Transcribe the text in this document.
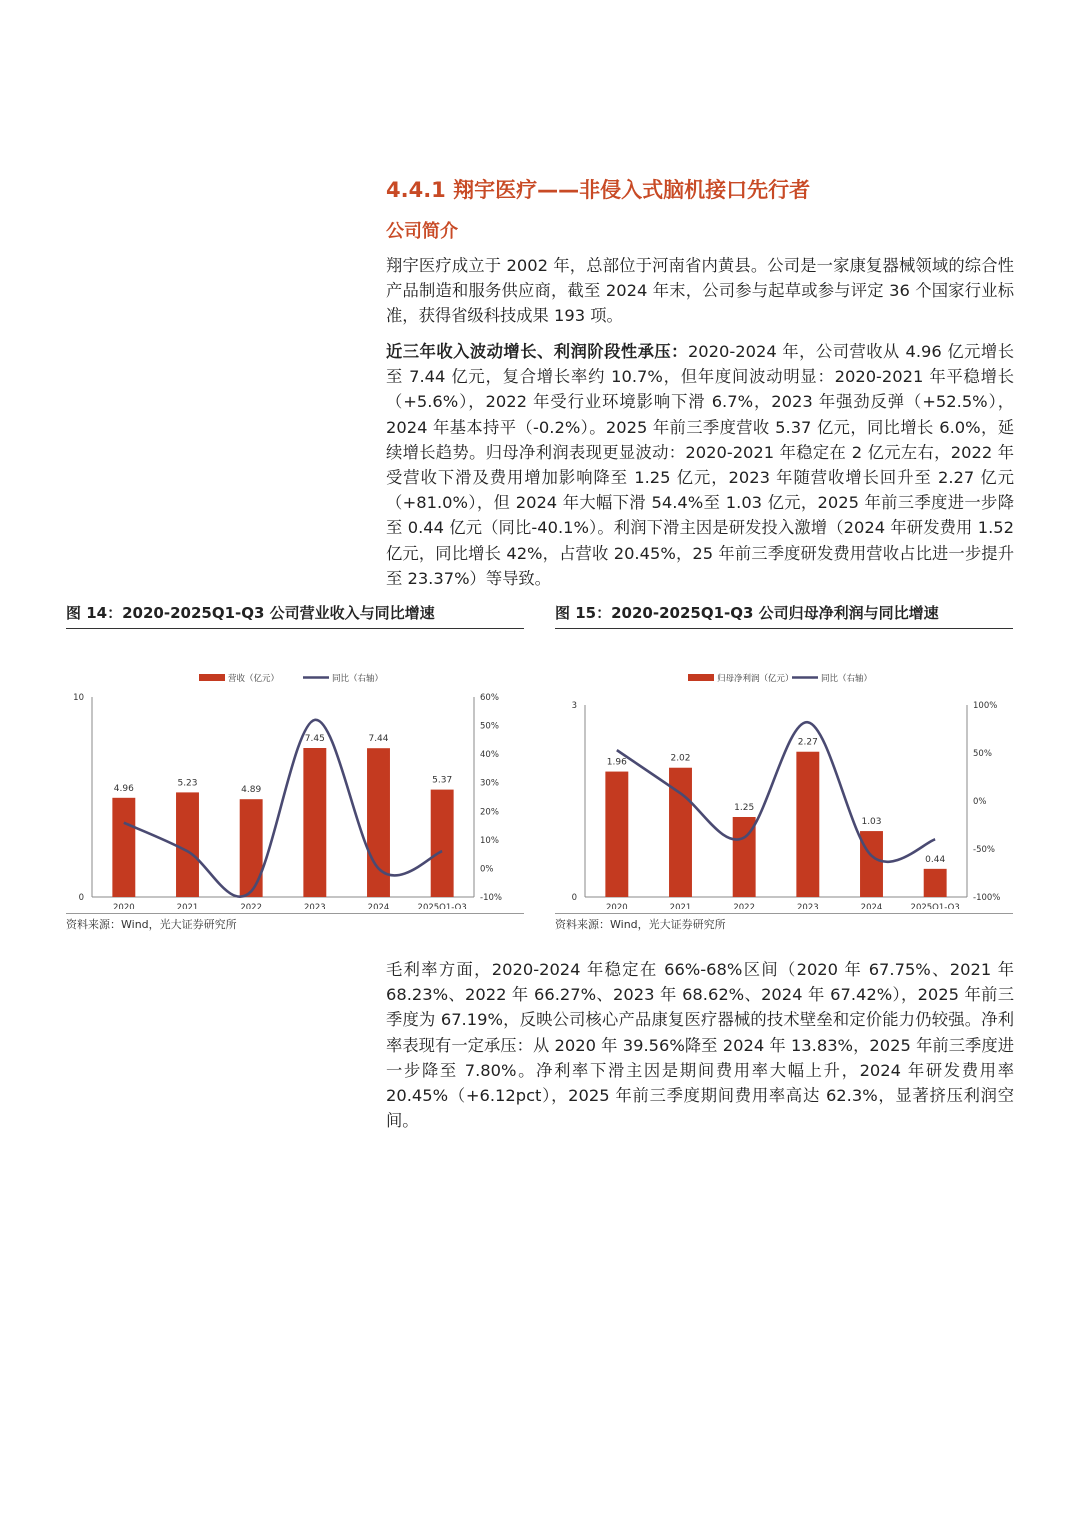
4.4.1 翔宇医疗——非侵入式脑机接口先行者
公司简介

翔宇医疗成立于 2002 年，总部位于河南省内黄县。公司是一家康复器械领域的综合性产品制造和服务供应商，截至 2024 年末，公司参与起草或参与评定 36 个国家行业标准，获得省级科技成果 193 项。

近三年收入波动增长、利润阶段性承压：2020-2024 年，公司营收从 4.96 亿元增长至 7.44 亿元，复合增长率约 10.7%，但年度间波动明显：2020-2021 年平稳增长（+5.6%），2022 年受行业环境影响下滑 6.7%，2023 年强劲反弹（+52.5%），2024 年基本持平（-0.2%）。2025 年前三季度营收 5.37 亿元，同比增长 6.0%，延续增长趋势。归母净利润表现更显波动：2020-2021 年稳定在 2 亿元左右，2022 年受营收下滑及费用增加影响降至 1.25 亿元，2023 年随营收增长回升至 2.27 亿元（+81.0%），但 2024 年大幅下滑 54.4%至 1.03 亿元，2025 年前三季度进一步降至 0.44 亿元（同比-40.1%）。利润下滑主因是研发投入激增（2024 年研发费用 1.52 亿元，同比增长 42%，占营收 20.45%，25 年前三季度研发费用营收占比进一步提升至 23.37%）等导致。

图 14：2020-2025Q1-Q3 公司营业收入与同比增速
营收（亿元）	同比（右轴）
0
10
-10%
0%
10%
20%
30%
40%
50%
60%
4.96
2020
5.23
2021
4.89
2022
7.45
2023
7.44
2024
5.37
2025Q1-Q3
资料来源：Wind，光大证券研究所
图 15：2020-2025Q1-Q3 公司归母净利润与同比增速
归母净利润（亿元）	同比（右轴）
0
3
-100%
-50%
0%
50%
100%
1.96
2020
2.02
2021
1.25
2022
2.27
2023
1.03
2024
0.44
2025Q1-Q3
资料来源：Wind，光大证券研究所

毛利率方面，2020-2024 年稳定在 66%-68%区间（2020 年 67.75%、2021 年 68.23%、2022 年 66.27%、2023 年 68.62%、2024 年 67.42%），2025 年前三季度为 67.19%，反映公司核心产品康复医疗器械的技术壁垒和定价能力仍较强。净利率表现有一定承压：从 2020 年 39.56%降至 2024 年 13.83%，2025 年前三季度进一步降至 7.80%。净利率下滑主因是期间费用率大幅上升，2024 年研发费用率 20.45%（+6.12pct），2025 年前三季度期间费用率高达 62.3%，显著挤压利润空间。
